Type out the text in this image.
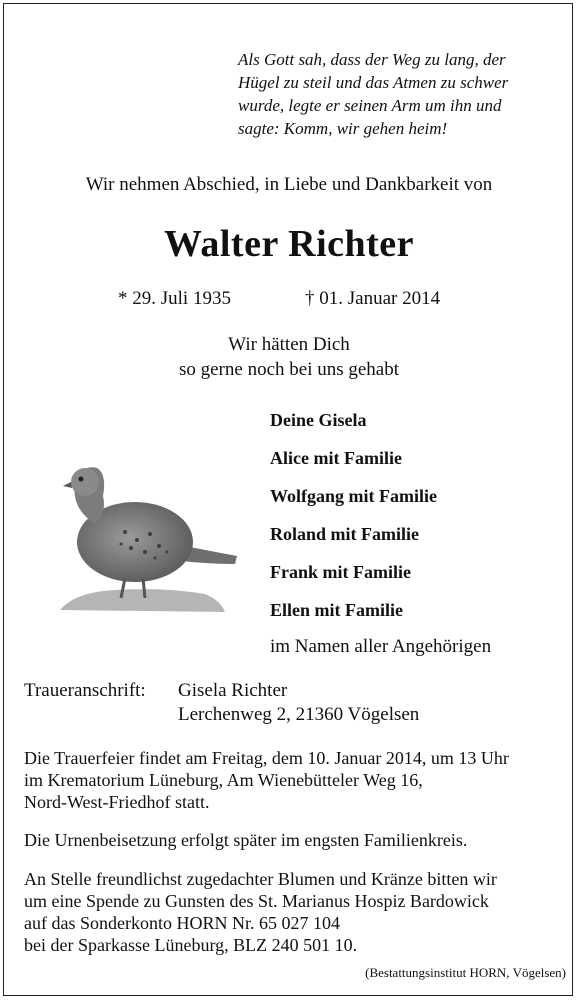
Als Gott sah, dass der Weg zu lang, der
Hügel zu steil und das Atmen zu schwer
wurde, legte er seinen Arm um ihn und
sagte: Komm, wir gehen heim!
Wir nehmen Abschied, in Liebe und Dankbarkeit von
Walter Richter
* 29. Juli 1935	† 01. Januar 2014
Wir hätten Dich
so gerne noch bei uns gehabt
Deine Gisela
Alice mit Familie
Wolfgang mit Familie
Roland mit Familie
Frank mit Familie
Ellen mit Familie
im Namen aller Angehörigen
Traueranschrift: Gisela Richter
Lerchenweg 2, 21360 Vögelsen
Die Trauerfeier findet am Freitag, dem 10. Januar 2014, um 13 Uhr
im Krematorium Lüneburg, Am Wienebütteler Weg 16,
Nord-West-Friedhof statt.
Die Urnenbeisetzung erfolgt später im engsten Familienkreis.
An Stelle freundlichst zugedachter Blumen und Kränze bitten wir
um eine Spende zu Gunsten des St. Marianus Hospiz Bardowick
auf das Sonderkonto HORN Nr. 65 027 104
bei der Sparkasse Lüneburg, BLZ 240 501 10.
(Bestattungsinstitut HORN, Vögelsen)
